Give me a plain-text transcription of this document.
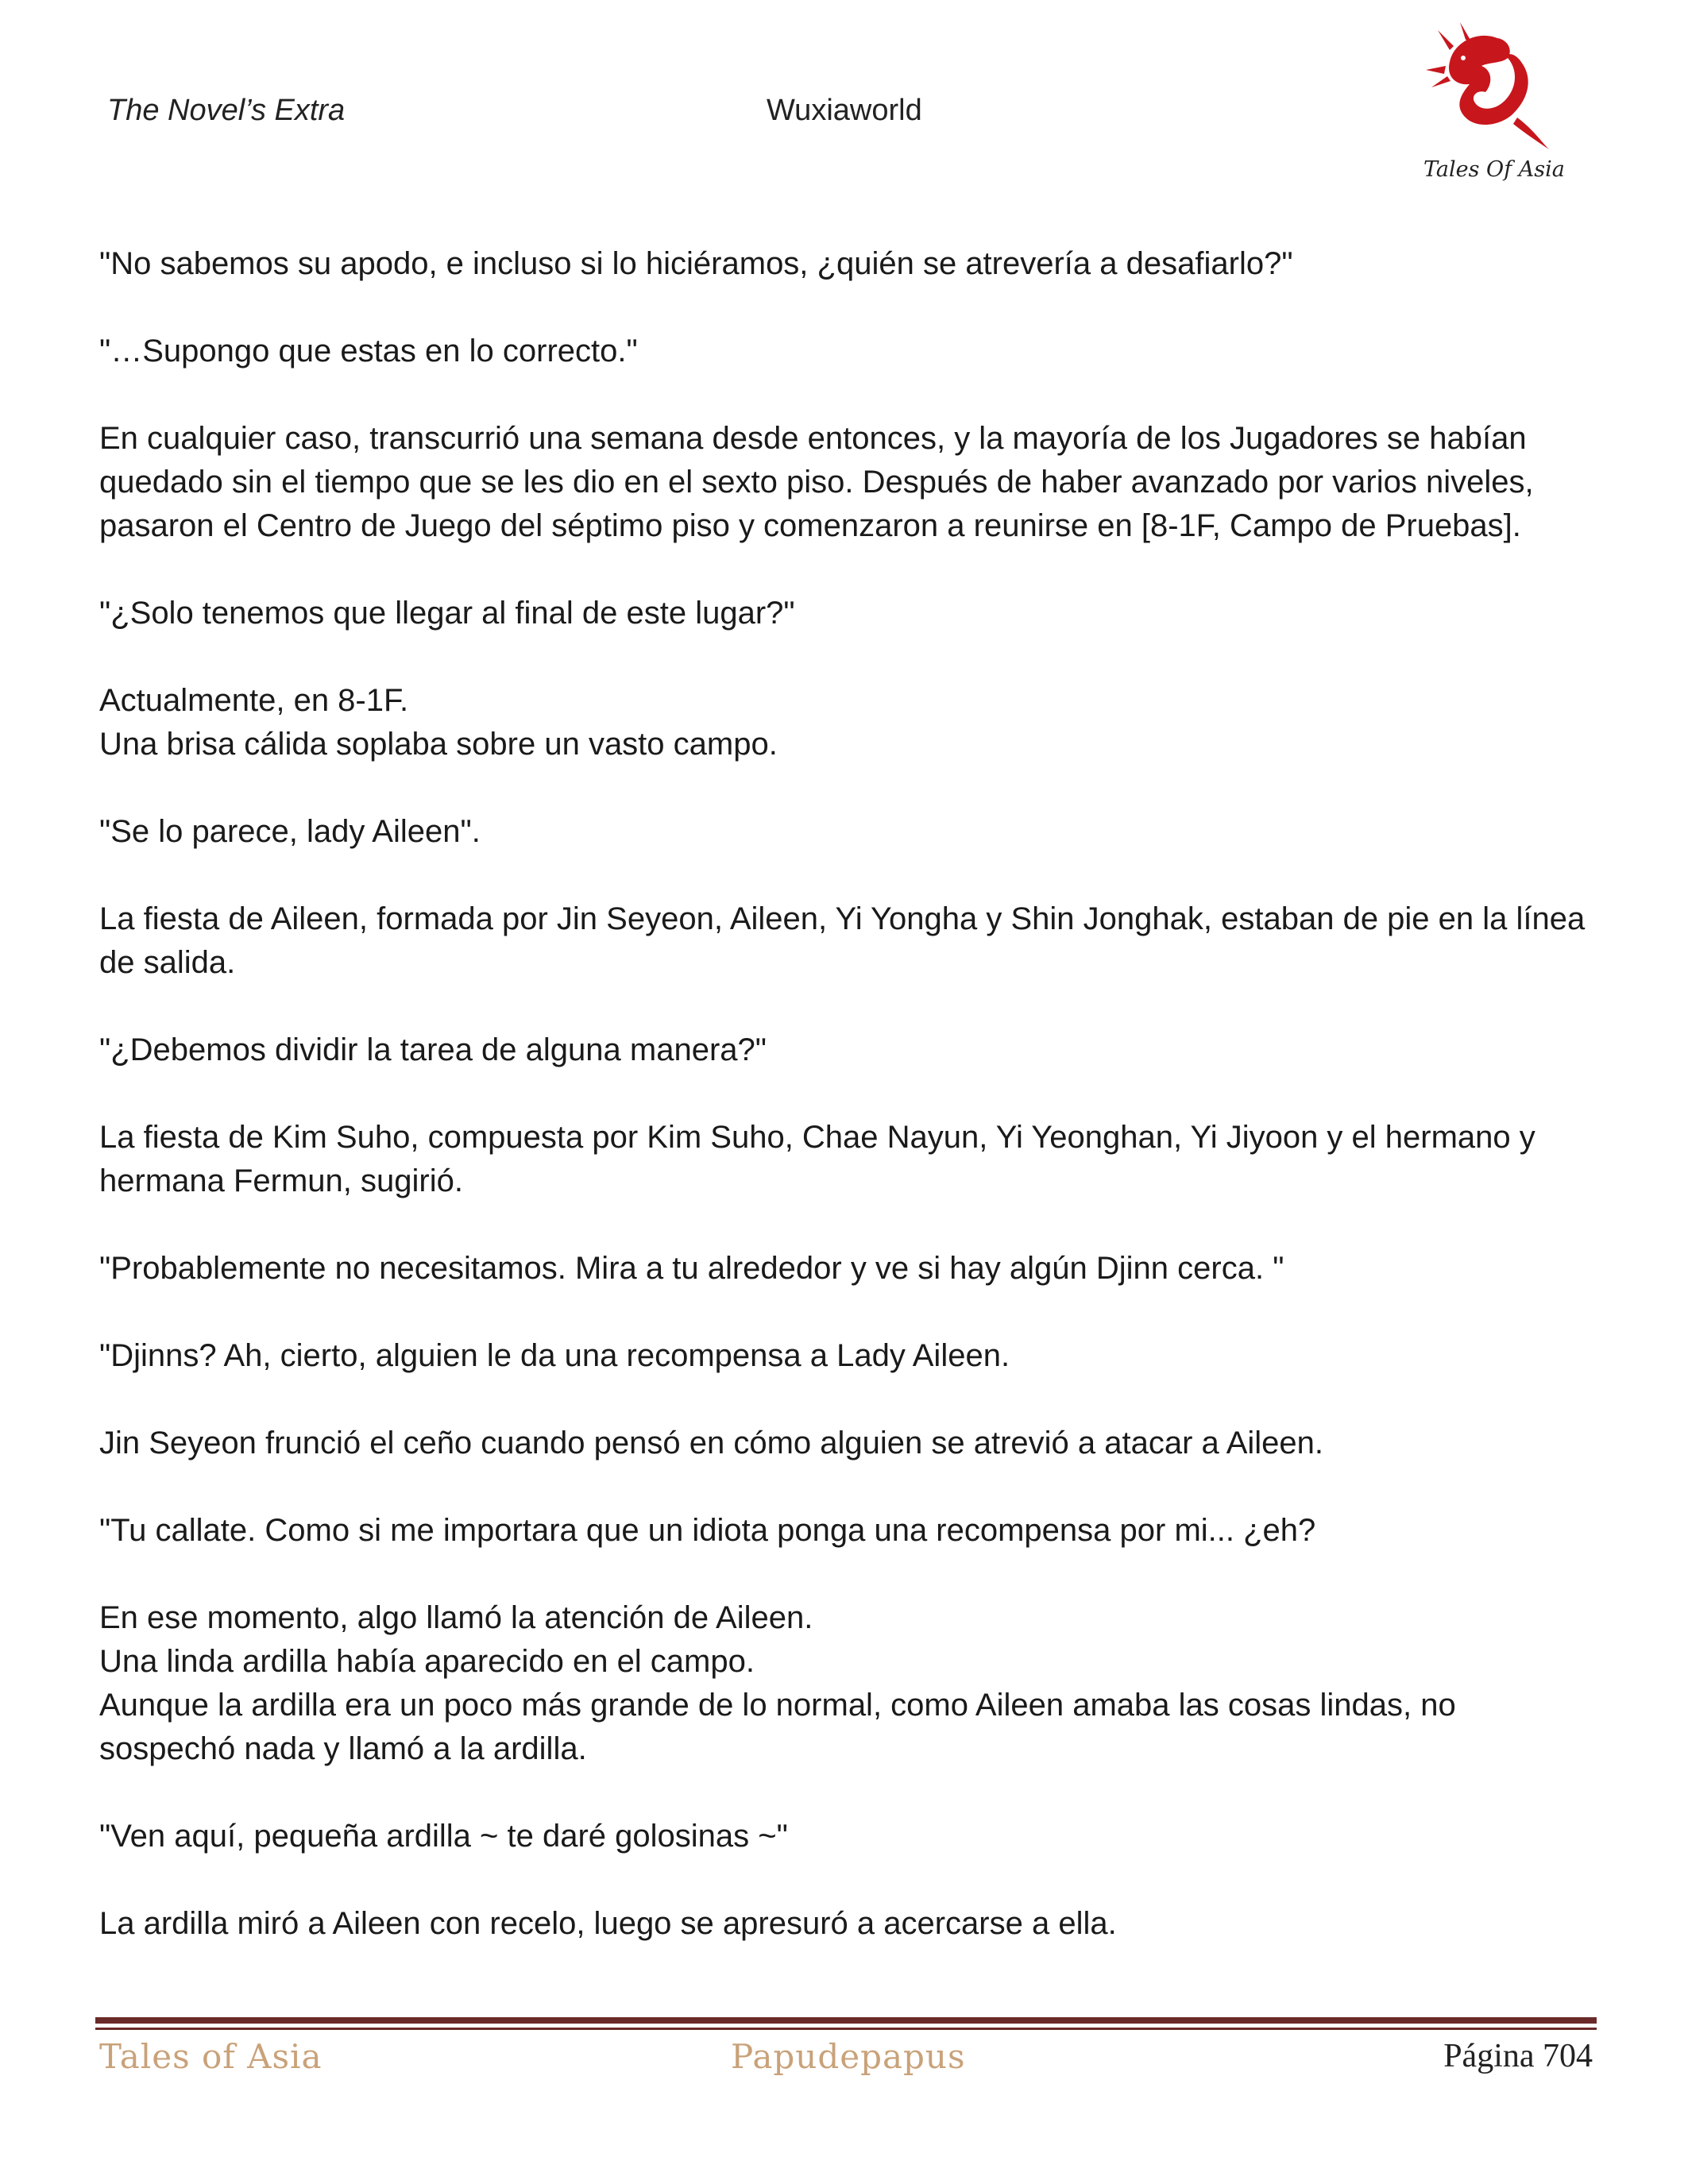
The Novel’s Extra	Wuxiaworld
Tales Of Asia

"No sabemos su apodo, e incluso si lo hiciéramos, ¿quién se atrevería a desafiarlo?"

"…Supongo que estas en lo correcto."

En cualquier caso, transcurrió una semana desde entonces, y la mayoría de los Jugadores se habían quedado sin el tiempo que se les dio en el sexto piso. Después de haber avanzado por varios niveles, pasaron el Centro de Juego del séptimo piso y comenzaron a reunirse en [8-1F, Campo de Pruebas].

"¿Solo tenemos que llegar al final de este lugar?"

Actualmente, en 8-1F.
Una brisa cálida soplaba sobre un vasto campo.

"Se lo parece, lady Aileen".

La fiesta de Aileen, formada por Jin Seyeon, Aileen, Yi Yongha y Shin Jonghak, estaban de pie en la línea de salida.

"¿Debemos dividir la tarea de alguna manera?"

La fiesta de Kim Suho, compuesta por Kim Suho, Chae Nayun, Yi Yeonghan, Yi Jiyoon y el hermano y hermana Fermun, sugirió.

"Probablemente no necesitamos. Mira a tu alrededor y ve si hay algún Djinn cerca. "

"Djinns? Ah, cierto, alguien le da una recompensa a Lady Aileen.

Jin Seyeon frunció el ceño cuando pensó en cómo alguien se atrevió a atacar a Aileen.

"Tu callate. Como si me importara que un idiota ponga una recompensa por mi... ¿eh?

En ese momento, algo llamó la atención de Aileen.
Una linda ardilla había aparecido en el campo.
Aunque la ardilla era un poco más grande de lo normal, como Aileen amaba las cosas lindas, no sospechó nada y llamó a la ardilla.

"Ven aquí, pequeña ardilla ~ te daré golosinas ~"

La ardilla miró a Aileen con recelo, luego se apresuró a acercarse a ella.

Tales of Asia	Papudepapus	Página 704
